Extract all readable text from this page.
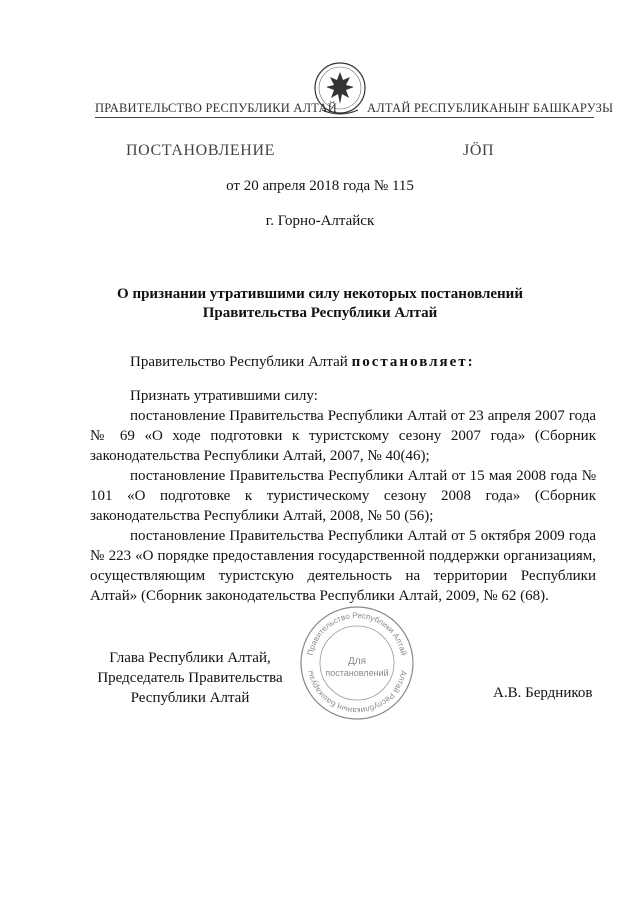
ПРАВИТЕЛЬСТВО РЕСПУБЛИКИ АЛТАЙ АЛТАЙ РЕСПУБЛИКАНЫҤ БАШКАРУЗЫ
ПОСТАНОВЛЕНИЕ	JÖП
от 20 апреля 2018 года № 115
г. Горно-Алтайск
О признании утратившими силу некоторых постановлений
Правительства Республики Алтай
Правительство Республики Алтай постановляет:

Признать утратившими силу:

постановление Правительства Республики Алтай от 23 апреля 2007 года № 69 «О ходе подготовки к туристскому сезону 2007 года» (Сборник законодательства Республики Алтай, 2007, № 40(46);

постановление Правительства Республики Алтай от 15 мая 2008 года № 101 «О подготовке к туристическому сезону 2008 года» (Сборник законодательства Республики Алтай, 2008, № 50 (56);

постановление Правительства Республики Алтай от 5 октября 2009 года № 223 «О порядке предоставления государственной поддержки организациям, осуществляющим туристскую деятельность на территории Республики Алтай» (Сборник законодательства Республики Алтай, 2009, № 62 (68).

Глава Республики Алтай,
Председатель Правительства
Республики Алтай
Правительство Республики Алтай
Алтай Республиканың Башкарузы
Для
постановлений
А.В. Бердников
